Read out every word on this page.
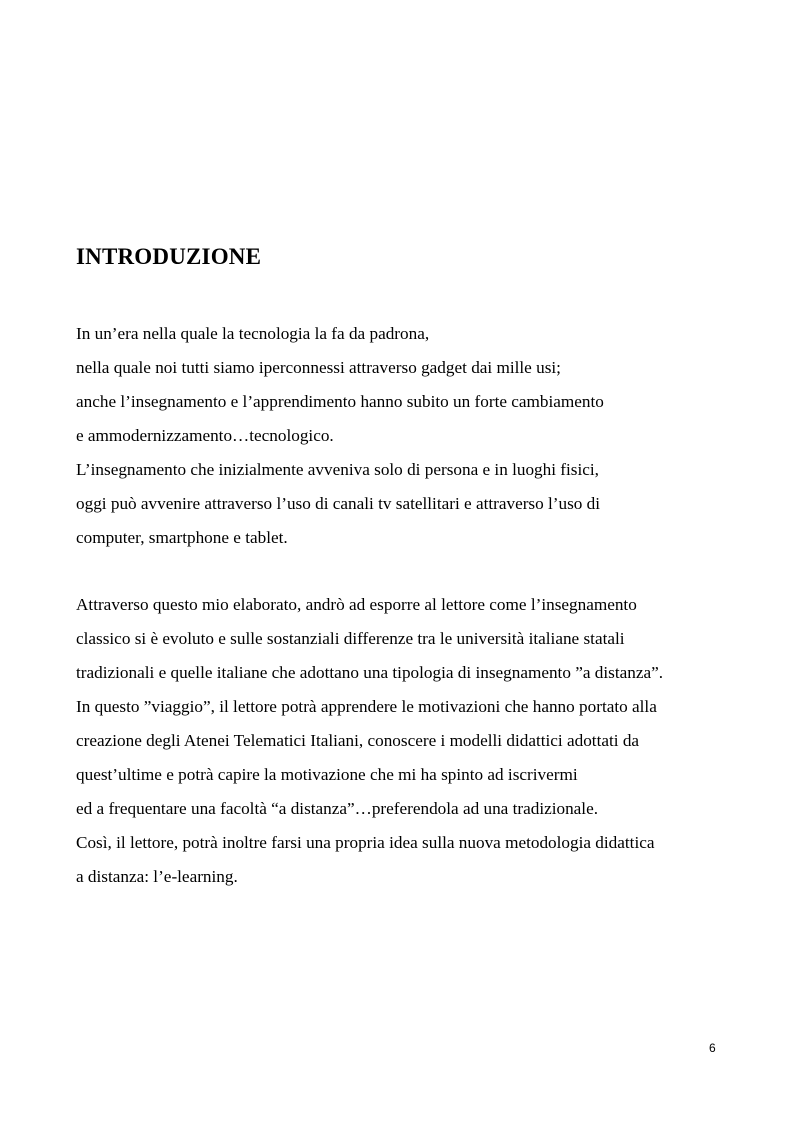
INTRODUZIONE

In un’era nella quale la tecnologia la fa da padrona,
nella quale noi tutti siamo iperconnessi attraverso gadget dai mille usi;
anche l’insegnamento e l’apprendimento hanno subito un forte cambiamento
e ammodernizzamento…tecnologico.
L’insegnamento che inizialmente avveniva solo di persona e in luoghi fisici,
oggi può avvenire attraverso l’uso di canali tv satellitari e attraverso l’uso di
computer, smartphone e tablet.

Attraverso questo mio elaborato, andrò ad esporre al lettore come l’insegnamento
classico si è evoluto e sulle sostanziali differenze tra le università italiane statali
tradizionali e quelle italiane che adottano una tipologia di insegnamento ”a distanza”.
In questo ”viaggio”, il lettore potrà apprendere le motivazioni che hanno portato alla
creazione degli Atenei Telematici Italiani, conoscere i modelli didattici adottati da
quest’ultime e potrà capire la motivazione che mi ha spinto ad iscrivermi
ed a frequentare una facoltà “a distanza”…preferendola ad una tradizionale.
Così, il lettore, potrà inoltre farsi una propria idea sulla nuova metodologia didattica
a distanza: l’e-learning.

6
